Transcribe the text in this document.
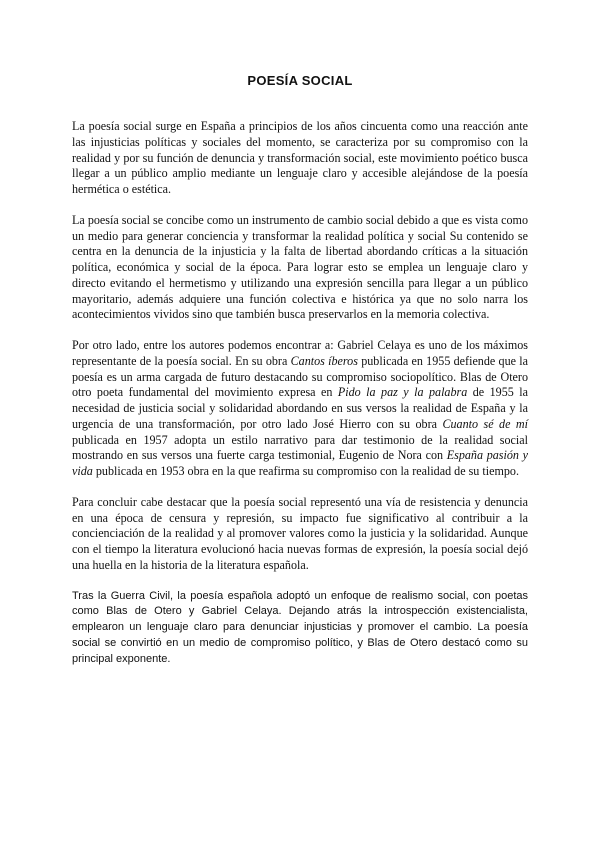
POESÍA SOCIAL

La poesía social surge en España a principios de los años cincuenta como una reacción ante las injusticias políticas y sociales del momento, se caracteriza por su compromiso con la realidad y por su función de denuncia y transformación social, este movimiento poético busca llegar a un público amplio mediante un lenguaje claro y accesible alejándose de la poesía hermética o estética.

La poesía social se concibe como un instrumento de cambio social debido a que es vista como un medio para generar conciencia y transformar la realidad política y social Su contenido se centra en la denuncia de la injusticia y la falta de libertad abordando críticas a la situación política, económica y social de la época. Para lograr esto se emplea un lenguaje claro y directo evitando el hermetismo y utilizando una expresión sencilla para llegar a un público mayoritario, además adquiere una función colectiva e histórica ya que no solo narra los acontecimientos vividos sino que también busca preservarlos en la memoria colectiva.

Por otro lado, entre los autores podemos encontrar a: Gabriel Celaya es uno de los máximos representante de la poesía social. En su obra Cantos íberos publicada en 1955 defiende que la poesía es un arma cargada de futuro destacando su compromiso sociopolítico. Blas de Otero otro poeta fundamental del movimiento expresa en Pido la paz y la palabra de 1955 la necesidad de justicia social y solidaridad abordando en sus versos la realidad de España y la urgencia de una transformación, por otro lado José Hierro con su obra Cuanto sé de mí publicada en 1957 adopta un estilo narrativo para dar testimonio de la realidad social mostrando en sus versos una fuerte carga testimonial, Eugenio de Nora con España pasión y vida publicada en 1953 obra en la que reafirma su compromiso con la realidad de su tiempo.

Para concluir cabe destacar que la poesía social representó una vía de resistencia y denuncia en una época de censura y represión, su impacto fue significativo al contribuir a la concienciación de la realidad y al promover valores como la justicia y la solidaridad. Aunque con el tiempo la literatura evolucionó hacia nuevas formas de expresión, la poesía social dejó una huella en la historia de la literatura española.

Tras la Guerra Civil, la poesía española adoptó un enfoque de realismo social, con poetas como Blas de Otero y Gabriel Celaya. Dejando atrás la introspección existencialista, emplearon un lenguaje claro para denunciar injusticias y promover el cambio. La poesía social se convirtió en un medio de compromiso político, y Blas de Otero destacó como su principal exponente.
